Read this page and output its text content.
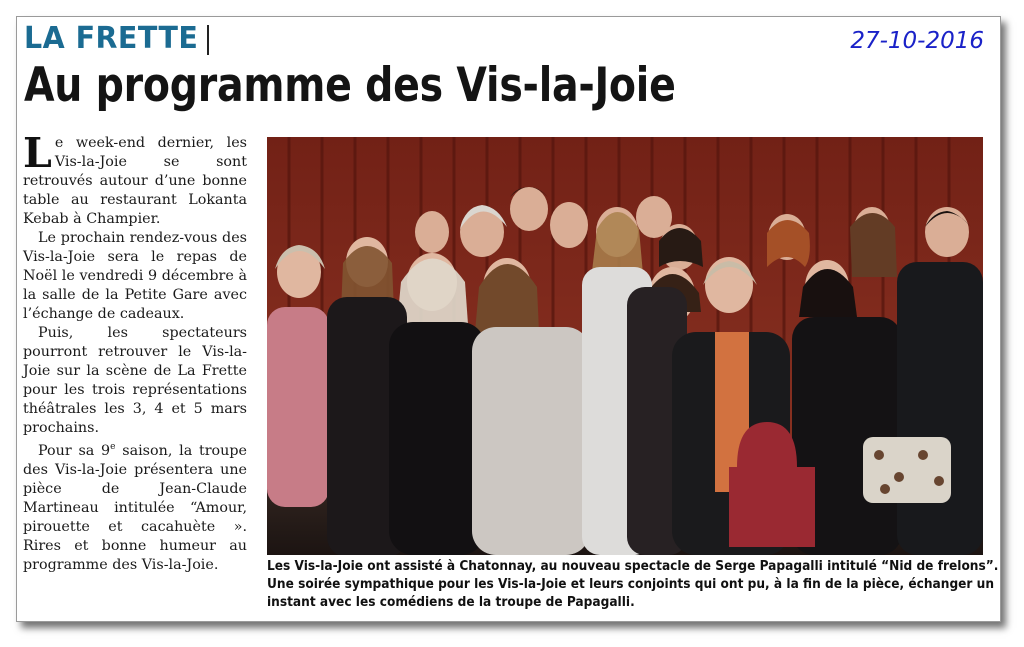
LA FRETTE	27-10-2016
Au programme des Vis-la-Joie

Le week-end dernier, les Vis-la-Joie se sont retrouvés autour d’une bonne table au restaurant Lokanta Kebab à Champier.

Le prochain rendez-vous des Vis-la-Joie sera le repas de Noël le vendredi 9 décembre à la salle de la Petite Gare avec l’échange de cadeaux.

Puis, les spectateurs pourront retrouver le Vis-la-Joie sur la scène de La Frette pour les trois représentations théâtrales les 3, 4 et 5 mars prochains.

Pour sa 9e saison, la troupe des Vis-la-Joie présentera une pièce de Jean-Claude Martineau intitulée “Amour, pirouette et cacahuète ». Rires et bonne humeur au programme des Vis-la-Joie.	Les Vis-la-Joie ont assisté à Chatonnay, au nouveau spectacle de Serge Papagalli intitulé “Nid de frelons”.
Une soirée sympathique pour les Vis-la-Joie et leurs conjoints qui ont pu, à la fin de la pièce, échanger un
instant avec les comédiens de la troupe de Papagalli.
